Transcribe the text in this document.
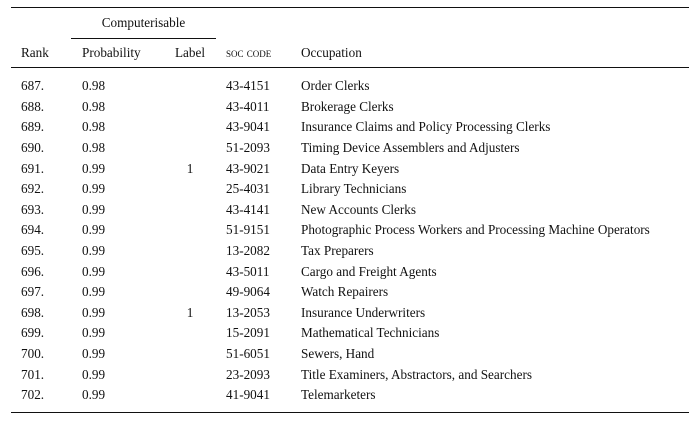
	Computerisable			
Rank	Probability	Label	soc code	Occupation
687.	0.98		43-4151	Order Clerks
688.	0.98		43-4011	Brokerage Clerks
689.	0.98		43-9041	Insurance Claims and Policy Processing Clerks
690.	0.98		51-2093	Timing Device Assemblers and Adjusters
691.	0.99	1	43-9021	Data Entry Keyers
692.	0.99		25-4031	Library Technicians
693.	0.99		43-4141	New Accounts Clerks
694.	0.99		51-9151	Photographic Process Workers and Processing Machine Operators
695.	0.99		13-2082	Tax Preparers
696.	0.99		43-5011	Cargo and Freight Agents
697.	0.99		49-9064	Watch Repairers
698.	0.99	1	13-2053	Insurance Underwriters
699.	0.99		15-2091	Mathematical Technicians
700.	0.99		51-6051	Sewers, Hand
701.	0.99		23-2093	Title Examiners, Abstractors, and Searchers
702.	0.99		41-9041	Telemarketers
